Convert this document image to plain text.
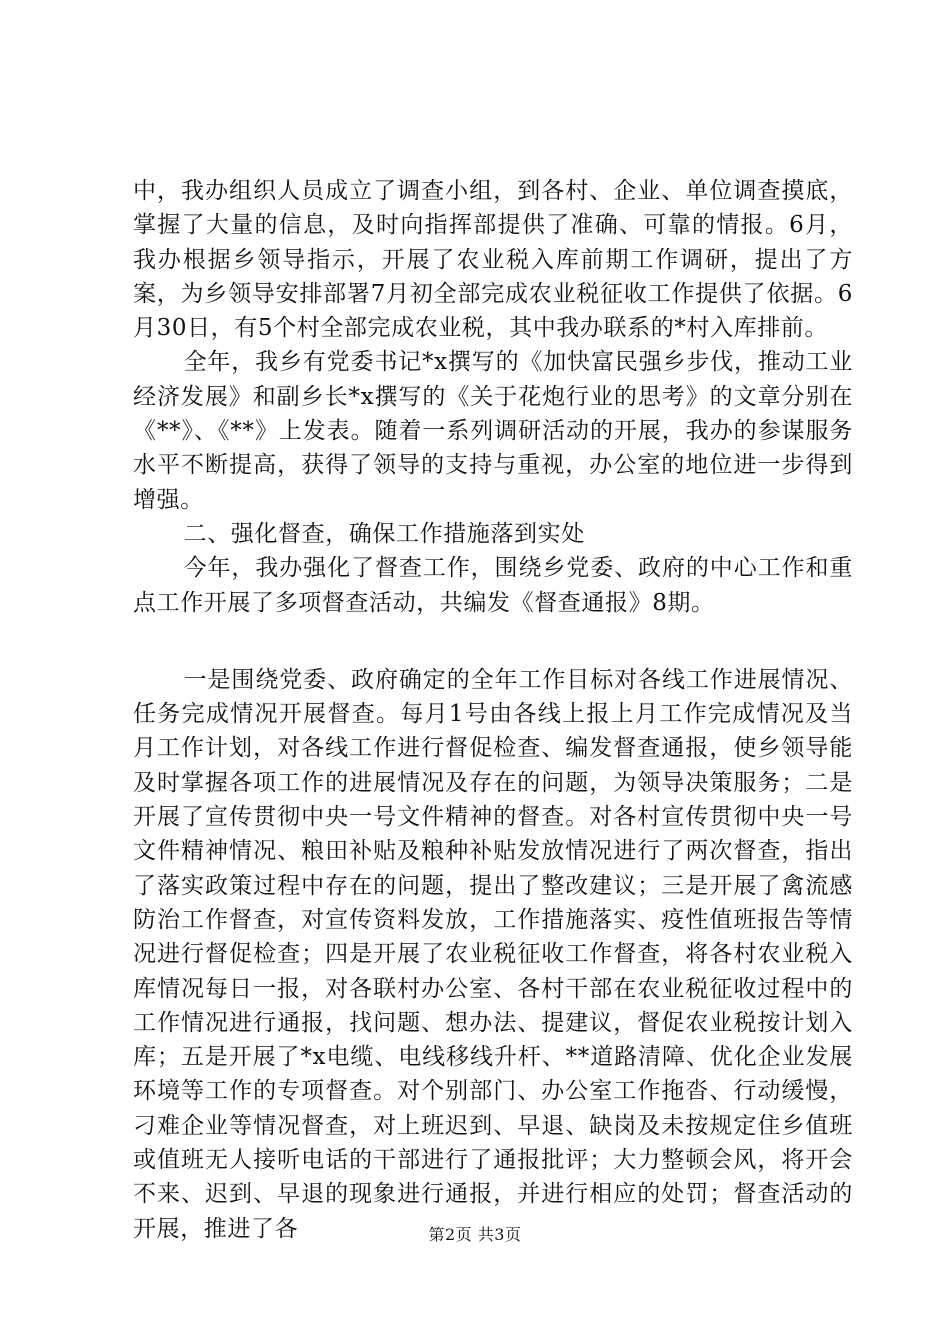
中，我办组织人员成立了调查小组，到各村、企业、单位调查摸底，掌握了大量的信息，及时向指挥部提供了准确、可靠的情报。6月，我办根据乡领导指示，开展了农业税入库前期工作调研，提出了方案，为乡领导安排部署7月初全部完成农业税征收工作提供了依据。6月30日，有5个村全部完成农业税，其中我办联系的*村入库排前。

全年，我乡有党委书记*x撰写的《加快富民强乡步伐，推动工业经济发展》和副乡长*x撰写的《关于花炮行业的思考》的文章分别在《**》、《**》上发表。随着一系列调研活动的开展，我办的参谋服务水平不断提高，获得了领导的支持与重视，办公室的地位进一步得到增强。

二、强化督查，确保工作措施落到实处

今年，我办强化了督查工作，围绕乡党委、政府的中心工作和重点工作开展了多项督查活动，共编发《督查通报》8期。

一是围绕党委、政府确定的全年工作目标对各线工作进展情况、任务完成情况开展督查。每月1号由各线上报上月工作完成情况及当月工作计划，对各线工作进行督促检查、编发督查通报，使乡领导能及时掌握各项工作的进展情况及存在的问题，为领导决策服务；二是开展了宣传贯彻中央一号文件精神的督查。对各村宣传贯彻中央一号文件精神情况、粮田补贴及粮种补贴发放情况进行了两次督查，指出了落实政策过程中存在的问题，提出了整改建议；三是开展了禽流感防治工作督查，对宣传资料发放，工作措施落实、疫性值班报告等情况进行督促检查；四是开展了农业税征收工作督查，将各村农业税入库情况每日一报，对各联村办公室、各村干部在农业税征收过程中的工作情况进行通报，找问题、想办法、提建议，督促农业税按计划入库；五是开展了*x电缆、电线移线升杆、**道路清障、优化企业发展环境等工作的专项督查。对个别部门、办公室工作拖沓、行动缓慢，刁难企业等情况督查，对上班迟到、早退、缺岗及未按规定住乡值班或值班无人接听电话的干部进行了通报批评；大力整顿会风，将开会不来、迟到、早退的现象进行通报，并进行相应的处罚；督查活动的开展，推进了各	第2页 共3页
